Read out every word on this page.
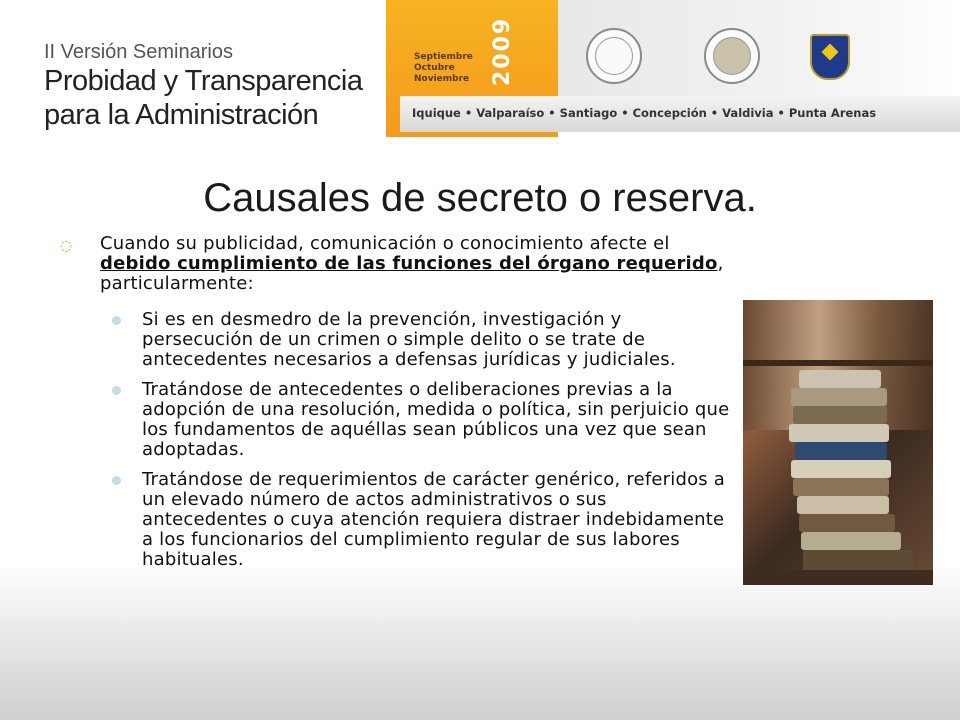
II Versión Seminarios
Probidad y Transparencia
para la Administración
Septiembre
Octubre
Noviembre 2009
Iquique • Valparaíso • Santiago • Concepción • Valdivia • Punta Arenas
Causales de secreto o reserva.
◌ Cuando su publicidad, comunicación o conocimiento afecte el debido cumplimiento de las funciones del órgano requerido, particularmente:
Si es en desmedro de la prevención, investigación y persecución de un crimen o simple delito o se trate de antecedentes necesarios a defensas jurídicas y judiciales.
Tratándose de antecedentes o deliberaciones previas a la adopción de una resolución, medida o política, sin perjuicio que los fundamentos de aquéllas sean públicos una vez que sean adoptadas.
Tratándose de requerimientos de carácter genérico, referidos a un elevado número de actos administrativos o sus antecedentes o cuya atención requiera distraer indebidamente a los funcionarios del cumplimiento regular de sus labores habituales.
